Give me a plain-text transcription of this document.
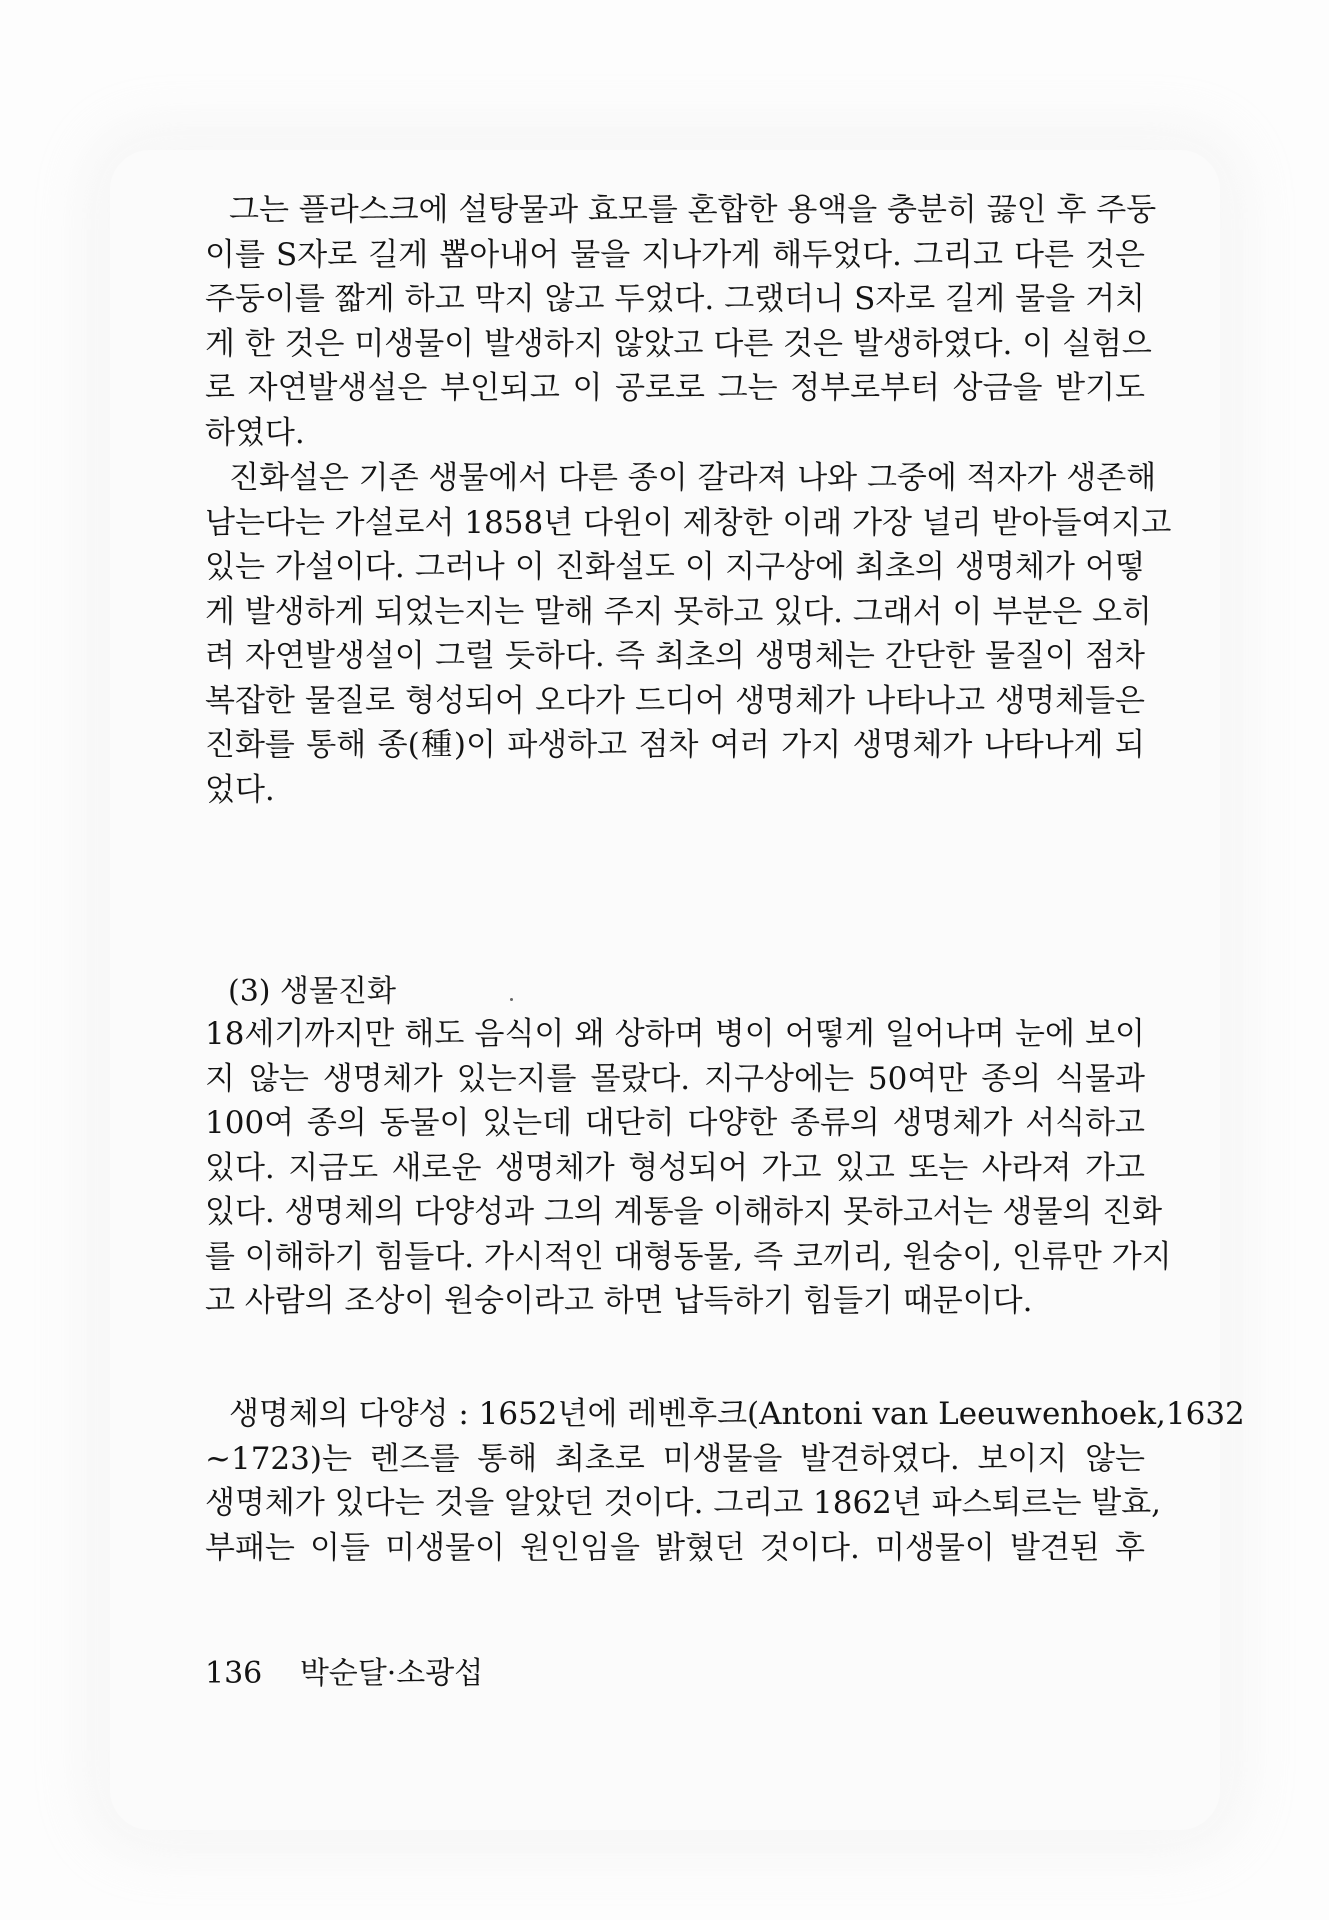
그는 플라스크에 설탕물과 효모를 혼합한 용액을 충분히 끓인 후 주둥
이를 S자로 길게 뽑아내어 물을 지나가게 해두었다. 그리고 다른 것은
주둥이를 짧게 하고 막지 않고 두었다. 그랬더니 S자로 길게 물을 거치
게 한 것은 미생물이 발생하지 않았고 다른 것은 발생하였다. 이 실험으
로 자연발생설은 부인되고 이 공로로 그는 정부로부터 상금을 받기도
하였다.

진화설은 기존 생물에서 다른 종이 갈라져 나와 그중에 적자가 생존해
남는다는 가설로서 1858년 다윈이 제창한 이래 가장 널리 받아들여지고
있는 가설이다. 그러나 이 진화설도 이 지구상에 최초의 생명체가 어떻
게 발생하게 되었는지는 말해 주지 못하고 있다. 그래서 이 부분은 오히
려 자연발생설이 그럴 듯하다. 즉 최초의 생명체는 간단한 물질이 점차
복잡한 물질로 형성되어 오다가 드디어 생명체가 나타나고 생명체들은
진화를 통해 종(種)이 파생하고 점차 여러 가지 생명체가 나타나게 되
었다.

(3) 생물진화

18세기까지만 해도 음식이 왜 상하며 병이 어떻게 일어나며 눈에 보이
지 않는 생명체가 있는지를 몰랐다. 지구상에는 50여만 종의 식물과
100여 종의 동물이 있는데 대단히 다양한 종류의 생명체가 서식하고
있다. 지금도 새로운 생명체가 형성되어 가고 있고 또는 사라져 가고
있다. 생명체의 다양성과 그의 계통을 이해하지 못하고서는 생물의 진화
를 이해하기 힘들다. 가시적인 대형동물, 즉 코끼리, 원숭이, 인류만 가지
고 사람의 조상이 원숭이라고 하면 납득하기 힘들기 때문이다.

생명체의 다양성 : 1652년에 레벤후크(Antoni van Leeuwenhoek,1632
~1723)는 렌즈를 통해 최초로 미생물을 발견하였다. 보이지 않는
생명체가 있다는 것을 알았던 것이다. 그리고 1862년 파스퇴르는 발효,
부패는 이들 미생물이 원인임을 밝혔던 것이다. 미생물이 발견된 후

136 박순달·소광섭
